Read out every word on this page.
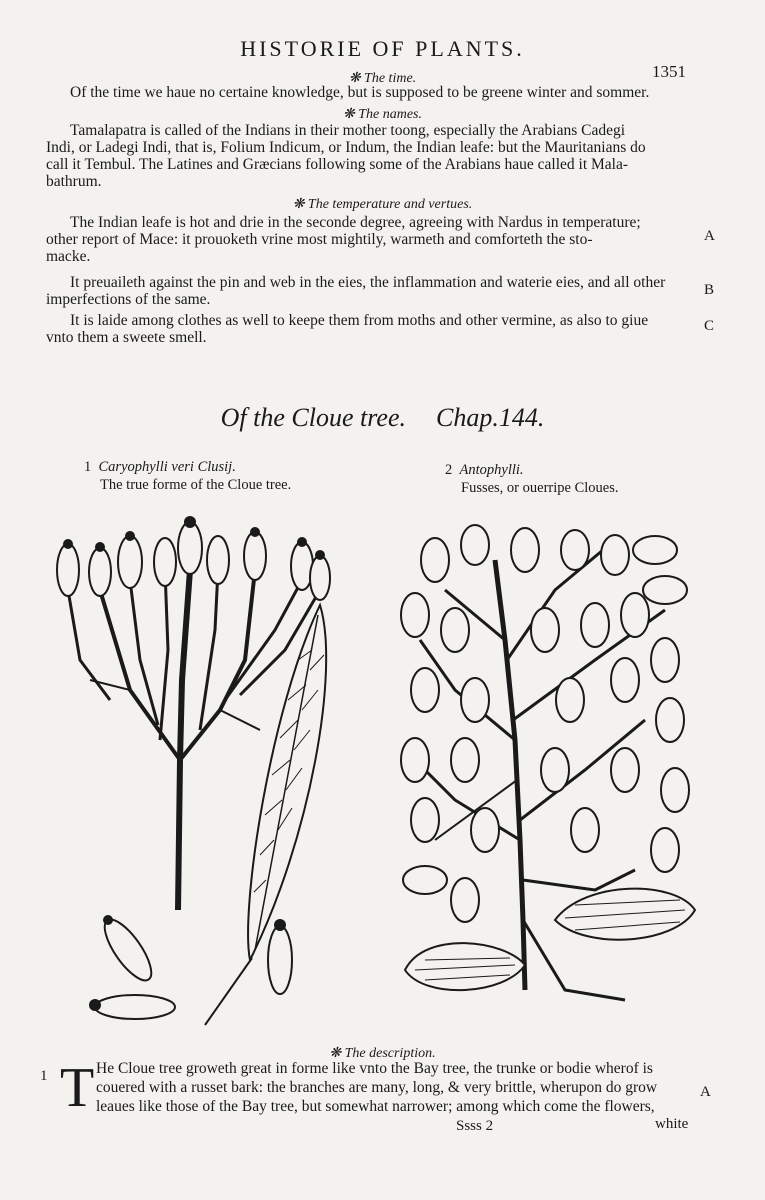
HISTORIE OF PLANTS.
1351
❋ The time.
Of the time we haue no certaine knowledge, but is supposed to be greene winter and sommer.
❋ The names.
Tamalapatra is called of the Indians in their mother toong, especially the Arabians Cadegi
Indi, or Ladegi Indi, that is, Folium Indicum, or Indum, the Indian leafe: but the Mauritanians do
call it Tembul. The Latines and Græcians following some of the Arabians haue called it Mala-
bathrum.
❋ The temperature and vertues.
The Indian leafe is hot and drie in the seconde degree, agreeing with Nardus in temperature;
other report of Mace: it prouoketh vrine most mightily, warmeth and comforteth the sto-
macke.
A
It preuaileth against the pin and web in the eies, the inflammation and waterie eies, and all other
imperfections of the same.
B
It is laide among clothes as well to keepe them from moths and other vermine, as also to giue
vnto them a sweete smell.
C
Of the Cloue tree. Chap.144.
1 Caryophylli veri Clusij.
The true forme of the Cloue tree.
2 Antophylli.
Fusses, or ouerripe Cloues.
❋ The description.
1 T He Cloue tree groweth great in forme like vnto the Bay tree, the trunke or bodie wherof is
couered with a russet bark: the branches are many, long, & very brittle, wherupon do grow
leaues like those of the Bay tree, but somewhat narrower; among which come the flowers,
A
Ssss 2	white
